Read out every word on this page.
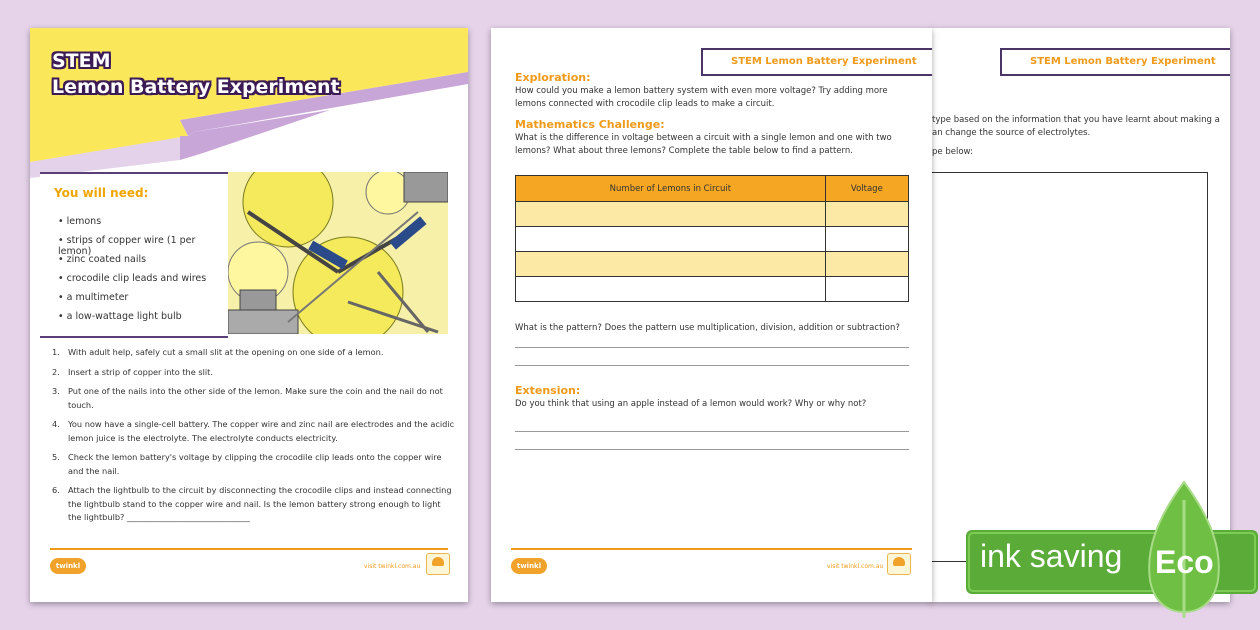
STEM
Lemon Battery Experiment
You will need:
• lemons
• strips of copper wire (1 per lemon)
• zinc coated nails
• crocodile clip leads and wires
• a multimeter
• a low-wattage light bulb
1. With adult help, safely cut a small slit at the opening on one side of a lemon.
2. Insert a strip of copper into the slit.
3. Put one of the nails into the other side of the lemon. Make sure the coin and the nail do not touch.
4. You now have a single-cell battery. The copper wire and zinc nail are electrodes and the acidic lemon juice is the electrolyte. The electrolyte conducts electricity.
5. Check the lemon battery's voltage by clipping the crocodile clip leads onto the copper wire and the nail.
6. Attach the lightbulb to the circuit by disconnecting the crocodile clips and instead connecting the lightbulb stand to the copper wire and nail. Is the lemon battery strong enough to light the lightbulb? ______________________________
twinkl	visit twinkl.com.au
STEM Lemon Battery Experiment
Exploration:
How could you make a lemon battery system with even more voltage? Try adding more lemons connected with crocodile clip leads to make a circuit.
Mathematics Challenge:
What is the difference in voltage between a circuit with a single lemon and one with two lemons? What about three lemons? Complete the table below to find a pattern.
Number of Lemons in Circuit	Voltage

What is the pattern? Does the pattern use multiplication, division, addition or subtraction?
Extension:
Do you think that using an apple instead of a lemon would work? Why or why not?
twinkl	visit twinkl.com.au
STEM Lemon Battery Experiment
type based on the information that you have learnt about making a
an change the source of electrolytes.
pe below:
ink saving Eco
